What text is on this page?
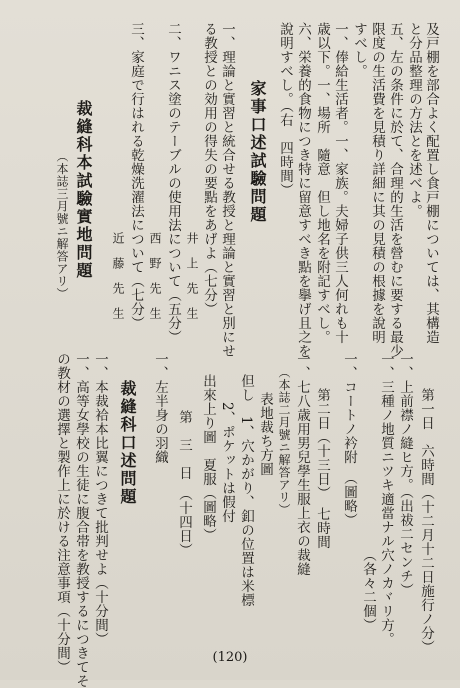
及戸棚を部合よく配置し食戸棚については、其構造
と分品整理の方法とを述べよ。
五、左の条件に於て、合理的生活を營むに要する最少
限度の生活費を見積り詳細に其の見積の根據を說明
すべし。
一、俸給生活者。一、家族。夫婦子供三人何れも十
歳以下。一、場所　隨意　但し地名を附記すべし。
六、栄養的食物につき特に留意すべき點を擧げ且之を
說明すべし。（右　四時間）
家事口述試驗問題
一、理論と實習と統合せる教授と理論と實習と別にせ
る教授との効用の得失の要點をあげよ（七分）
井　上　先　生
二、ワニス塗のテーブルの使用法について（五分）
西　野　先　生
三、家庭で行はれる乾燥洗濯法について（七分）
近　藤　先　生
裁縫科本試驗實地問題
（本誌三月號ニ解答アリ）
第一日　六時間（十二月十二日施行ノ分）
一、上前襟ノ縫ヒ方。（出祓二センチ）
一、三種ノ地質ニツキ適當ナル穴ノカヾリ方。
（各々二個）
一、コートノ衿附　（圖略）
第二日（十三日）　七時間
一、七八歳用男兒學生服上衣の裁縫
（本誌二月號ニ解答アリ）
表地裁ち方圖
但し　1、穴かがり、釦の位置は米標
2、ポケットは假付
出來上り圖　夏服（圖略）
第　三　日　（十四日）
一、左半身の羽織
裁縫科口述問題
一、本裁袷本比翼につきて批判せよ（十分間）
一、高等女學校の生徒に腹合帯を教授するにつきてそ
の教材の選擇と製作上に於ける注意事項（十分間）	(120)
